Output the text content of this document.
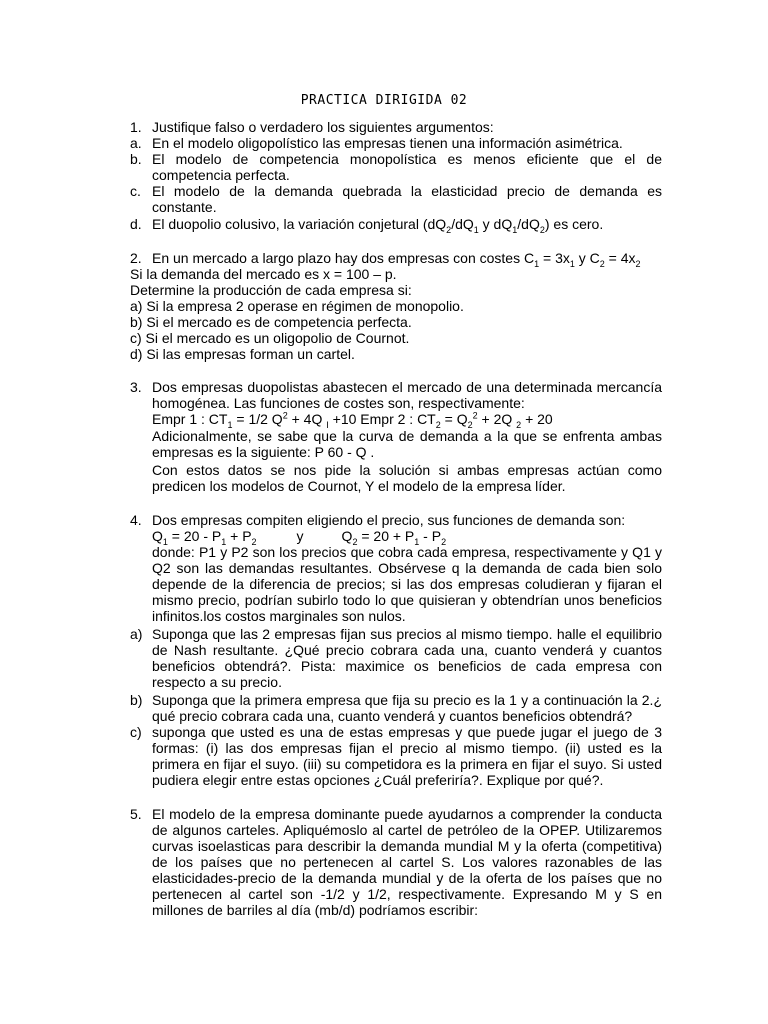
PRACTICA DIRIGIDA 02
1. Justifique falso o verdadero los siguientes argumentos:
a. En el modelo oligopolístico las empresas tienen una información asimétrica.
b. El modelo de competencia monopolística es menos eficiente que el de competencia perfecta.
c. El modelo de la demanda quebrada la elasticidad precio de demanda es constante.
d. El duopolio colusivo, la variación conjetural ($dQ_2/dQ_1$ y $dQ_1/dQ_2$) es cero.
2. En un mercado a largo plazo hay dos empresas con costes $C_1 = 3x_1$ y $C_2 = 4x_2$
Si la demanda del mercado es x = 100 – p.
Determine la producción de cada empresa si:
a) Si la empresa 2 operase en régimen de monopolio.
b) Si el mercado es de competencia perfecta.
c) Si el mercado es un oligopolio de Cournot.
d) Si las empresas forman un cartel.
3. Dos empresas duopolistas abastecen el mercado de una determinada mercancía homogénea. Las funciones de costes son, respectivamente:
Empr 1 : $CT_1 = 1/2$ $Q^2 + 4Q$ $_I$ +10 Empr 2 : $CT_2 = Q_2^2 + 2Q$ $_2$ + 20
Adicionalmente, se sabe que la curva de demanda a la que se enfrenta ambas empresas es la siguiente: P 60 - Q .
Con estos datos se nos pide la solución si ambas empresas actúan como predicen los modelos de Cournot, Y el modelo de la empresa líder.
4. Dos empresas compiten eligiendo el precio, sus funciones de demanda son:
$Q_1 = 20 - P_1 + P_2$	y	$Q_2 = 20 + P_1 - P_2$
donde: P1 y P2 son los precios que cobra cada empresa, respectivamente y Q1 y Q2 son las demandas resultantes. Obsérvese q la demanda de cada bien solo depende de la diferencia de precios; si las dos empresas coludieran y fijaran el mismo precio, podrían subirlo todo lo que quisieran y obtendrían unos beneficios infinitos.los costos marginales son nulos.
a) Suponga que las 2 empresas fijan sus precios al mismo tiempo. halle el equilibrio de Nash resultante. ¿Qué precio cobrara cada una, cuanto venderá y cuantos beneficios obtendrá?. Pista: maximice os beneficios de cada empresa con respecto a su precio.
b) Suponga que la primera empresa que fija su precio es la 1 y a continuación la 2.¿ qué precio cobrara cada una, cuanto venderá y cuantos beneficios obtendrá?
c) suponga que usted es una de estas empresas y que puede jugar el juego de 3 formas: (i) las dos empresas fijan el precio al mismo tiempo. (ii) usted es la primera en fijar el suyo. (iii) su competidora es la primera en fijar el suyo. Si usted pudiera elegir entre estas opciones ¿Cuál preferiría?. Explique por qué?.
5. El modelo de la empresa dominante puede ayudarnos a comprender la conducta de algunos carteles. Apliquémoslo al cartel de petróleo de la OPEP. Utilizaremos curvas isoelasticas para describir la demanda mundial M y la oferta (competitiva) de los países que no pertenecen al cartel S. Los valores razonables de las elasticidades-precio de la demanda mundial y de la oferta de los países que no pertenecen al cartel son -1/2 y 1/2, respectivamente. Expresando M y S en millones de barriles al día (mb/d) podríamos escribir:
